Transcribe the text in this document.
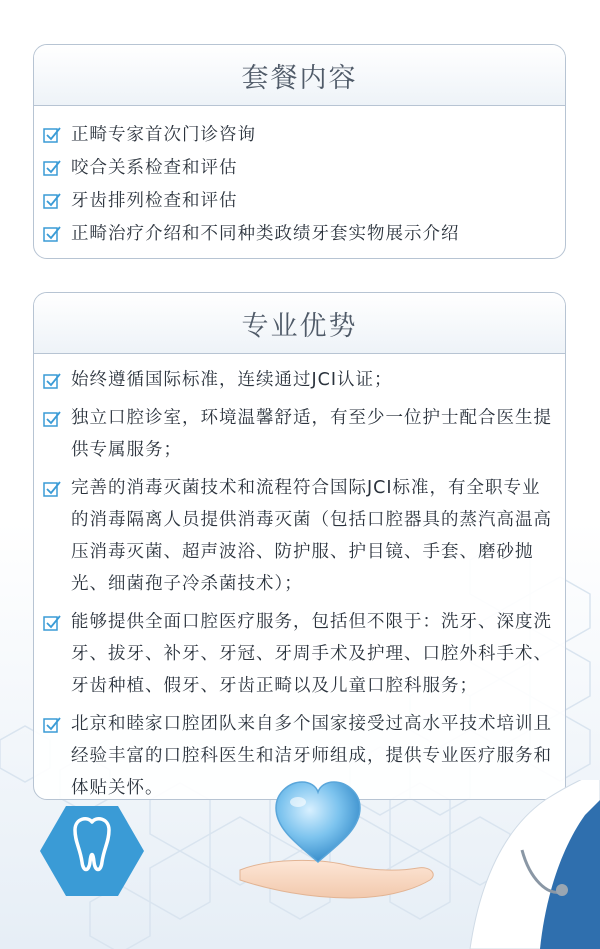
套餐内容
正畸专家首次门诊咨询
咬合关系检查和评估
牙齿排列检查和评估
正畸治疗介绍和不同种类政绩牙套实物展示介绍
专业优势
始终遵循国际标准，连续通过JCI认证；
独立口腔诊室，环境温馨舒适，有至少一位护士配合医生提供专属服务；
完善的消毒灭菌技术和流程符合国际JCI标准，有全职专业的消毒隔离人员提供消毒灭菌（包括口腔器具的蒸汽高温高压消毒灭菌、超声波浴、防护服、护目镜、手套、磨砂抛光、细菌孢子冷杀菌技术）；
能够提供全面口腔医疗服务，包括但不限于：洗牙、深度洗牙、拔牙、补牙、牙冠、牙周手术及护理、口腔外科手术、牙齿种植、假牙、牙齿正畸以及儿童口腔科服务；
北京和睦家口腔团队来自多个国家接受过高水平技术培训且经验丰富的口腔科医生和洁牙师组成，提供专业医疗服务和体贴关怀。
